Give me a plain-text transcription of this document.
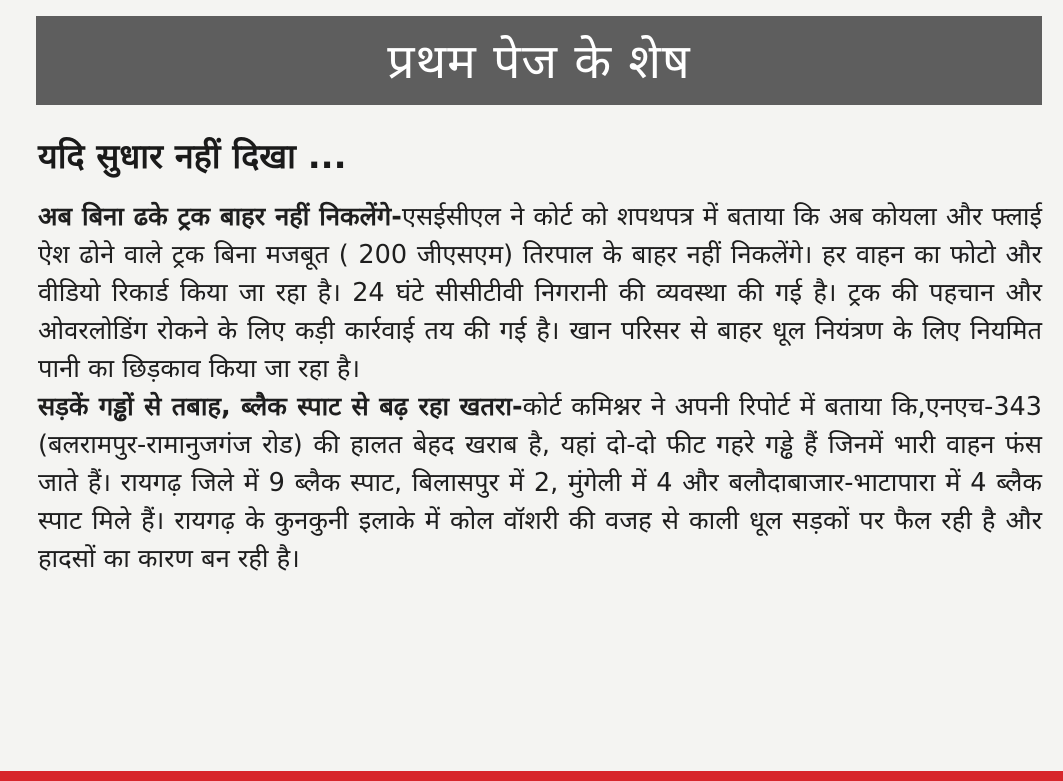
प्रथम पेज के शेष
यदि सुधार नहीं दिखा ...

अब बिना ढके ट्रक बाहर नहीं निकलेंगे-एसईसीएल ने कोर्ट को शपथपत्र में बताया कि अब कोयला और फ्लाई ऐश ढोने वाले ट्रक बिना मजबूत ( 200 जीएसएम) तिरपाल के बाहर नहीं निकलेंगे। हर वाहन का फोटो और वीडियो रिकार्ड किया जा रहा है। 24 घंटे सीसीटीवी निगरानी की व्यवस्था की गई है। ट्रक की पहचान और ओवरलोडिंग रोकने के लिए कड़ी कार्रवाई तय की गई है। खान परिसर से बाहर धूल नियंत्रण के लिए नियमित पानी का छिड़काव किया जा रहा है।

सड़कें गड्ढों से तबाह, ब्लैक स्पाट से बढ़ रहा खतरा-कोर्ट कमिश्नर ने अपनी रिपोर्ट में बताया कि,एनएच-343 (बलरामपुर-रामानुजगंज रोड) की हालत बेहद खराब है, यहां दो-दो फीट गहरे गड्ढे हैं जिनमें भारी वाहन फंस जाते हैं। रायगढ़ जिले में 9 ब्लैक स्पाट, बिलासपुर में 2, मुंगेली में 4 और बलौदाबाजार-भाटापारा में 4 ब्लैक स्पाट मिले हैं। रायगढ़ के कुनकुनी इलाके में कोल वॉशरी की वजह से काली धूल सड़कों पर फैल रही है और हादसों का कारण बन रही है।
